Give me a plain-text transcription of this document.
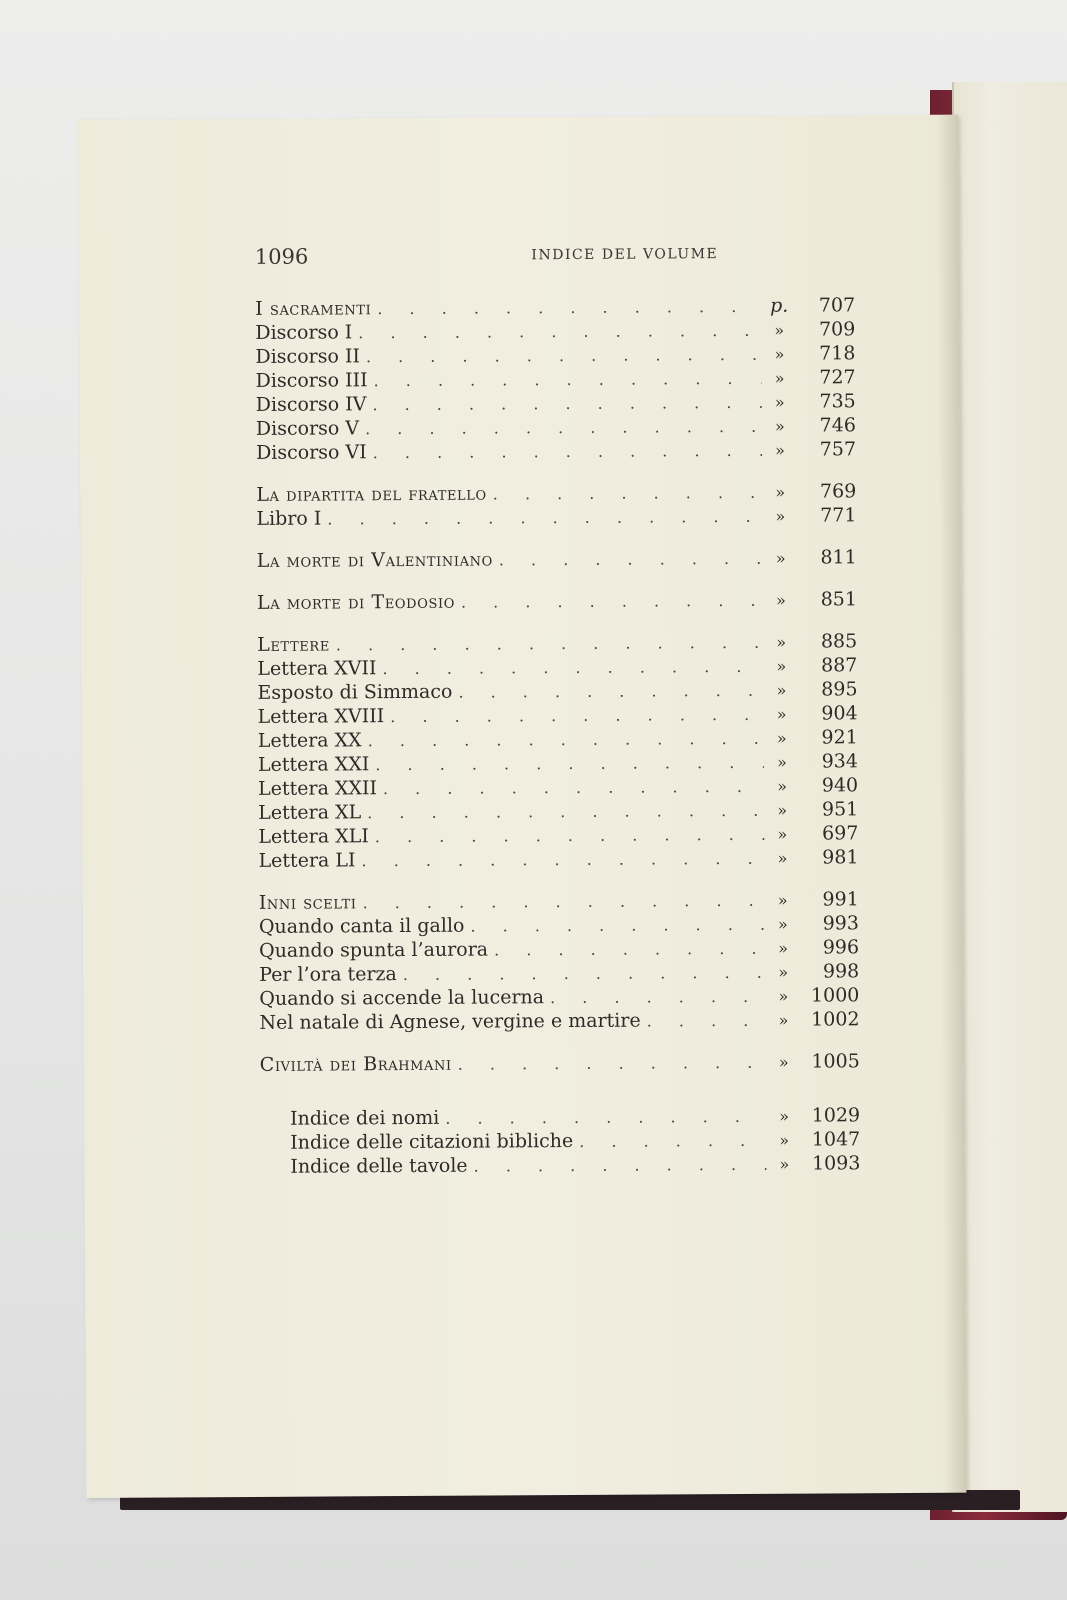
1096	INDICE DEL VOLUME
I sacramenti . . .	p.	707
Discorso I . . .	»	709
Discorso II . . .	»	718
Discorso III . . .	»	727
Discorso IV . . .	»	735
Discorso V . . .	»	746
Discorso VI . . .	»	757
La dipartita del fratello . . .	»	769
Libro I . . .	»	771
La morte di Valentiniano . . .	»	811
La morte di Teodosio . . .	»	851
Lettere . . .	»	885
Lettera XVII . . .	»	887
Esposto di Simmaco . . .	»	895
Lettera XVIII . . .	»	904
Lettera XX . . .	»	921
Lettera XXI . . .	»	934
Lettera XXII . . .	»	940
Lettera XL . . .	»	951
Lettera XLI . . .	»	697
Lettera LI . . .	»	981
Inni scelti . . .	»	991
Quando canta il gallo . . .	»	993
Quando spunta l’aurora . . .	»	996
Per l’ora terza . . .	»	998
Quando si accende la lucerna . . .	»	1000
Nel natale di Agnese, vergine e martire . . .	»	1002
Civiltà dei Brahmani . . .	»	1005
Indice dei nomi . . .	»	1029
Indice delle citazioni bibliche . . .	»	1047
Indice delle tavole . . .	»	1093
